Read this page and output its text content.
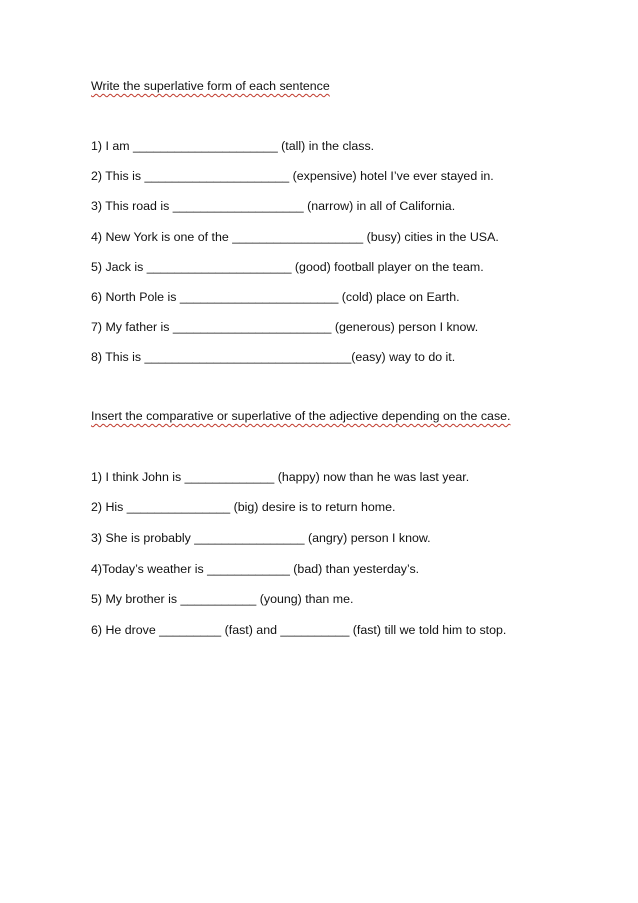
Write the superlative form of each sentence
1) I am _____________________ (tall) in the class.
2) This is _____________________ (expensive) hotel I’ve ever stayed in.
3) This road is ___________________ (narrow) in all of California.
4) New York is one of the ___________________ (busy) cities in the USA.
5) Jack is _____________________ (good) football player on the team.
6) North Pole is _______________________ (cold) place on Earth.
7) My father is _______________________ (generous) person I know.
8) This is ______________________________(easy) way to do it.
Insert the comparative or superlative of the adjective depending on the case.
1) I think John is _____________ (happy) now than he was last year.
2) His _______________ (big) desire is to return home.
3) She is probably ________________ (angry) person I know.
4)Today’s weather is ____________ (bad) than yesterday’s.
5) My brother is ___________ (young) than me.
6) He drove _________ (fast) and __________ (fast) till we told him to stop.
